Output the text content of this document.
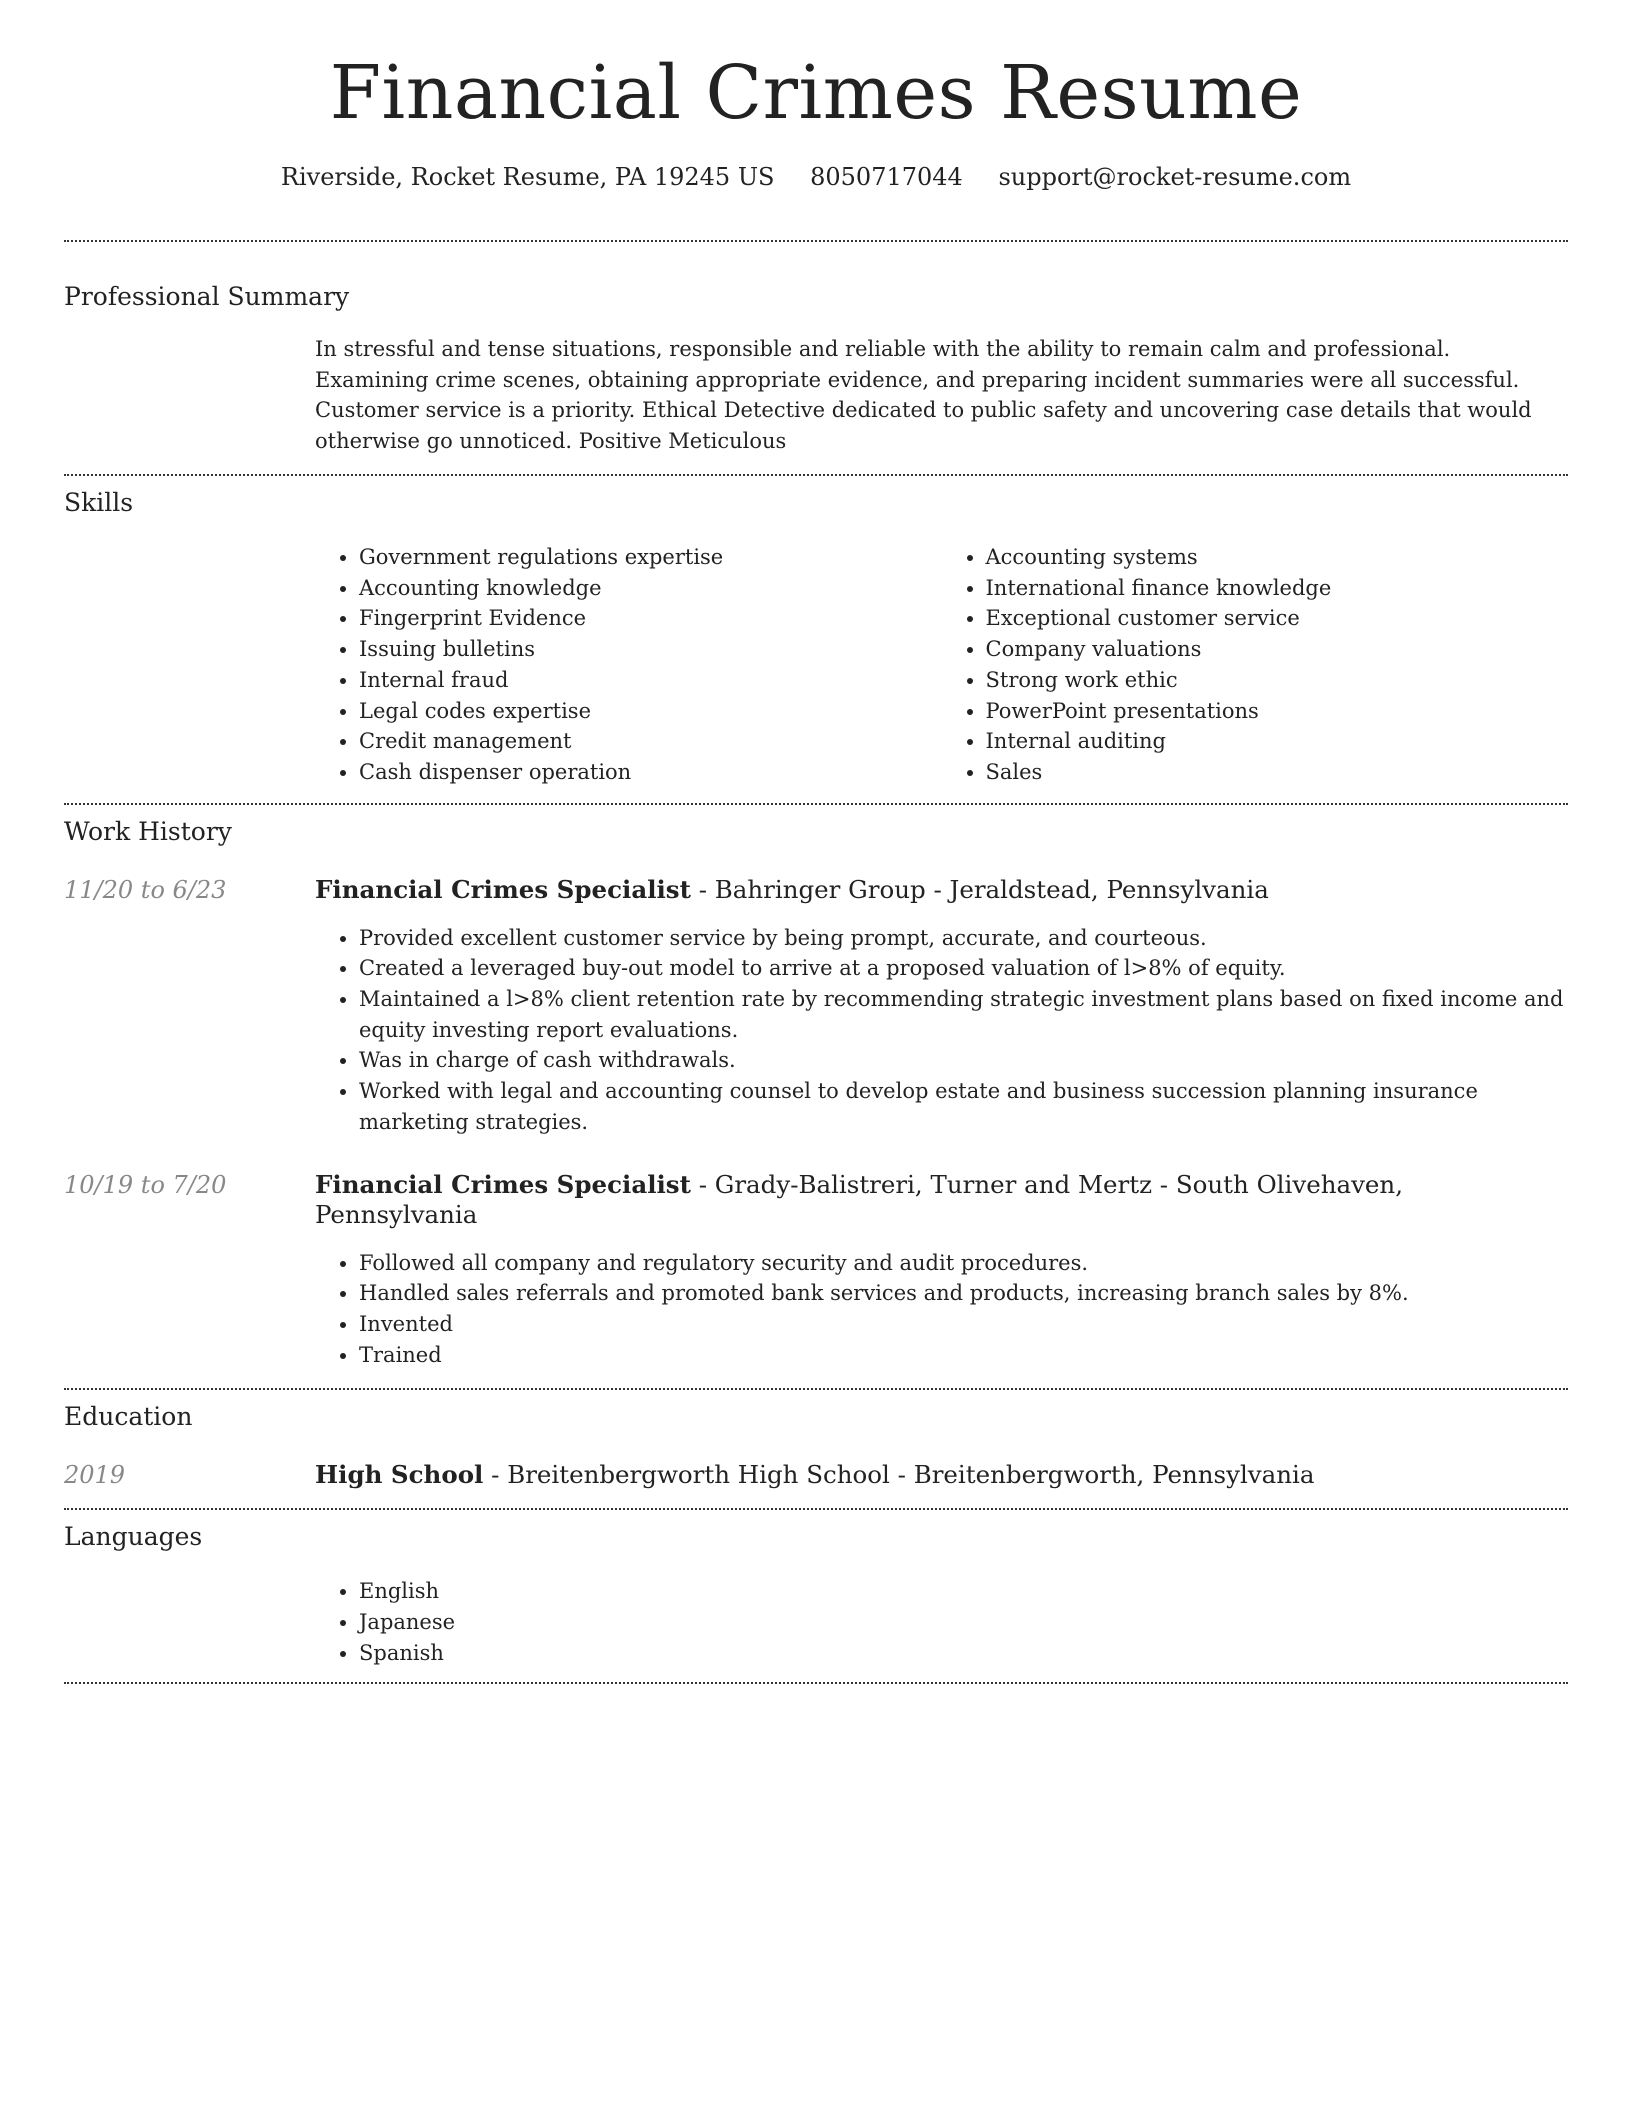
Financial Crimes Resume
Riverside, Rocket Resume, PA 19245 US 8050717044 support@rocket-resume.com
Professional Summary

In stressful and tense situations, responsible and reliable with the ability to remain calm and professional. Examining crime scenes, obtaining appropriate evidence, and preparing incident summaries were all successful. Customer service is a priority. Ethical Detective dedicated to public safety and uncovering case details that would otherwise go unnoticed. Positive Meticulous

Skills
• Government regulations expertise
• Accounting knowledge
• Fingerprint Evidence
• Issuing bulletins
• Internal fraud
• Legal codes expertise
• Credit management
• Cash dispenser operation
• Accounting systems
• International finance knowledge
• Exceptional customer service
• Company valuations
• Strong work ethic
• PowerPoint presentations
• Internal auditing
• Sales
Work History
11/20 to 6/23	Financial Crimes Specialist - Bahringer Group - Jeraldstead, Pennsylvania

• Provided excellent customer service by being prompt, accurate, and courteous.
• Created a leveraged buy-out model to arrive at a proposed valuation of l>8% of equity.
• Maintained a l>8% client retention rate by recommending strategic investment plans based on fixed income and equity investing report evaluations.
• Was in charge of cash withdrawals.
• Worked with legal and accounting counsel to develop estate and business succession planning insurance marketing strategies.
10/19 to 7/20	Financial Crimes Specialist - Grady-Balistreri, Turner and Mertz - South Olivehaven, Pennsylvania

• Followed all company and regulatory security and audit procedures.
• Handled sales referrals and promoted bank services and products, increasing branch sales by 8%.
• Invented
• Trained
Education
2019	High School - Breitenbergworth High School - Breitenbergworth, Pennsylvania

Languages
• English
• Japanese
• Spanish
